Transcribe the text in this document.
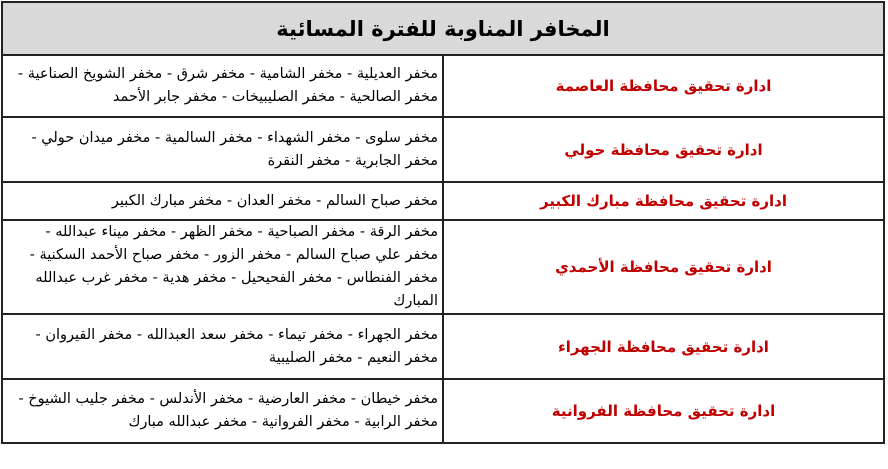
المخافر المناوبة للفترة المسائية	
مخفر العديلية - مخفر الشامية - مخفر شرق - مخفر الشويخ الصناعية - مخفر الصالحية - مخفر الصليبيخات - مخفر جابر الأحمد	ادارة تحقيق محافظة العاصمة
مخفر سلوى - مخفر الشهداء - مخفر السالمية - مخفر ميدان حولي - مخفر الجابرية - مخفر النقرة	ادارة تحقيق محافظة حولي
مخفر صباح السالم - مخفر العدان - مخفر مبارك الكبير	ادارة تحقيق محافظة مبارك الكبير
مخفر الرقة - مخفر الصباحية - مخفر الظهر - مخفر ميناء عبدالله - مخفر علي صباح السالم - مخفر الزور - مخفر صباح الأحمد السكنية - مخفر الفنطاس - مخفر الفحيحيل - مخفر هدية - مخفر غرب عبدالله المبارك	ادارة تحقيق محافظة الأحمدي
مخفر الجهراء - مخفر تيماء - مخفر سعد العبدالله - مخفر القيروان - مخفر النعيم - مخفر الصليبية	ادارة تحقيق محافظة الجهراء
مخفر خيطان - مخفر العارضية - مخفر الأندلس - مخفر جليب الشيوخ - مخفر الرابية - مخفر الفروانية - مخفر عبدالله مبارك	ادارة تحقيق محافظة الفروانية
